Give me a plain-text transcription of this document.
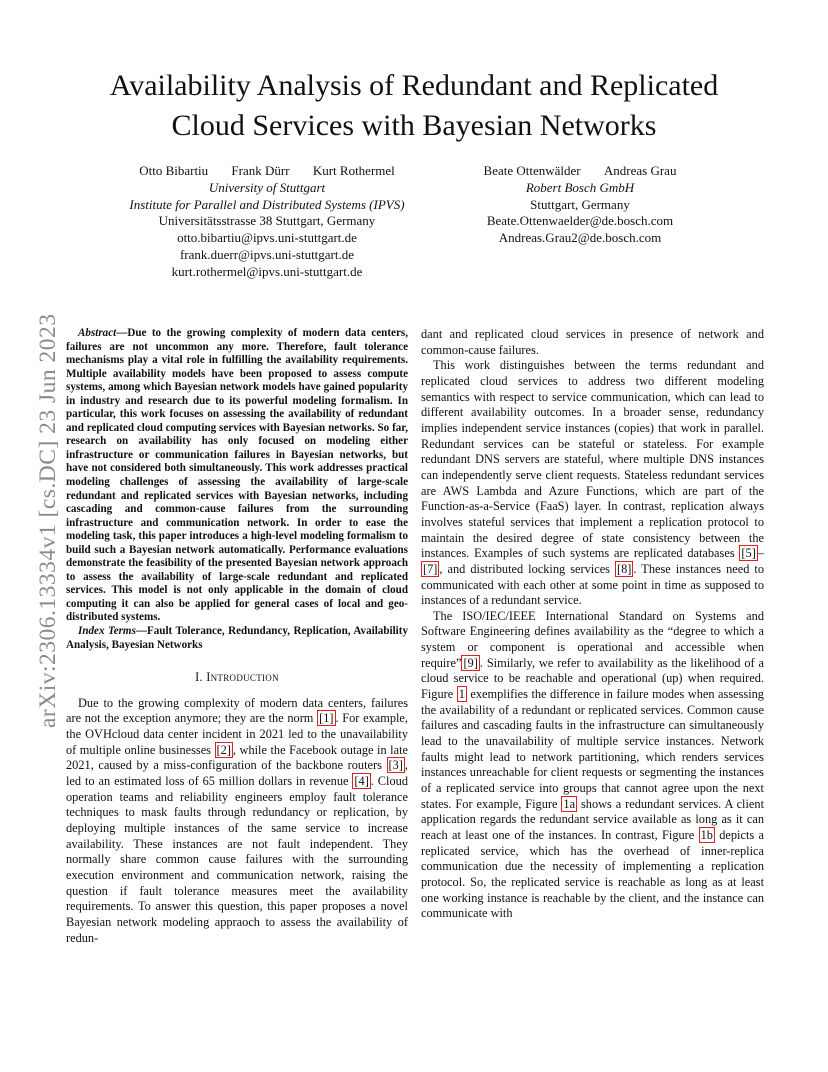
Availability Analysis of Redundant and Replicated
Cloud Services with Bayesian Networks
Otto Bibartiu Frank Dürr Kurt Rothermel
University of Stuttgart
Institute for Parallel and Distributed Systems (IPVS)
Universitätsstrasse 38 Stuttgart, Germany
otto.bibartiu@ipvs.uni-stuttgart.de
frank.duerr@ipvs.uni-stuttgart.de
kurt.rothermel@ipvs.uni-stuttgart.de
Beate Ottenwälder Andreas Grau
Robert Bosch GmbH
Stuttgart, Germany
Beate.Ottenwaelder@de.bosch.com
Andreas.Grau2@de.bosch.com
arXiv:2306.13334v1 [cs.DC] 23 Jun 2023	Abstract—Due to the growing complexity of modern data centers, failures are not uncommon any more. Therefore, fault tolerance mechanisms play a vital role in fulfilling the availability requirements. Multiple availability models have been proposed to assess compute systems, among which Bayesian network models have gained popularity in industry and research due to its powerful modeling formalism. In particular, this work focuses on assessing the availability of redundant and replicated cloud computing services with Bayesian networks. So far, research on availability has only focused on modeling either infrastructure or communication failures in Bayesian networks, but have not considered both simultaneously. This work addresses practical modeling challenges of assessing the availability of large-scale redundant and replicated services with Bayesian networks, including cascading and common-cause failures from the surrounding infrastructure and communication network. In order to ease the modeling task, this paper introduces a high-level modeling formalism to build such a Bayesian network automatically. Performance evaluations demonstrate the feasibility of the presented Bayesian network approach to assess the availability of large-scale redundant and replicated services. This model is not only applicable in the domain of cloud computing it can also be applied for general cases of local and geo-distributed systems.

Index Terms—Fault Tolerance, Redundancy, Replication, Availability Analysis, Bayesian Networks

I. Introduction

Due to the growing complexity of modern data centers, failures are not the exception anymore; they are the norm [1] . For example, the OVHcloud data center incident in 2021 led to the unavailability of multiple online businesses [2] , while the Facebook outage in late 2021, caused by a miss-configuration of the backbone routers [3] , led to an estimated loss of 65 million dollars in revenue [4] . Cloud operation teams and reliability engineers employ fault tolerance techniques to mask faults through redundancy or replication, by deploying multiple instances of the same service to increase availability. These instances are not fault independent. They normally share common cause failures with the surrounding execution environment and communication network, raising the question if fault tolerance measures meet the availability requirements. To answer this question, this paper proposes a novel Bayesian network modeling appraoch to assess the availability of redun-

dant and replicated cloud services in presence of network and common-cause failures.

This work distinguishes between the terms redundant and replicated cloud services to address two different modeling semantics with respect to service communication, which can lead to different availability outcomes. In a broader sense, redundancy implies independent service instances (copies) that work in parallel. Redundant services can be stateful or stateless. For example redundant DNS servers are stateful, where multiple DNS instances can independently serve client requests. Stateless redundant services are AWS Lambda and Azure Functions, which are part of the Function-as-a-Service (FaaS) layer. In contrast, replication always involves stateful services that implement a replication protocol to maintain the desired degree of state consistency between the instances. Examples of such systems are replicated databases [5] –[7] , and distributed locking services [8] . These instances need to communicated with each other at some point in time as supposed to instances of a redundant service.

The ISO/IEC/IEEE International Standard on Systems and Software Engineering defines availability as the “degree to which a system or component is operational and accessible when require” [9] . Similarly, we refer to availability as the likelihood of a cloud service to be reachable and operational (up) when required. Figure 1 exemplifies the difference in failure modes when assessing the availability of a redundant or replicated services. Common cause failures and cascading faults in the infrastructure can simultaneously lead to the unavailability of multiple service instances. Network faults might lead to network partitioning, which renders services instances unreachable for client requests or segmenting the instances of a replicated service into groups that cannot agree upon the next states. For example, Figure 1a shows a redundant services. A client application regards the redundant service available as long as it can reach at least one of the instances. In contrast, Figure 1b depicts a replicated service, which has the overhead of inner-replica communication due the necessity of implementing a replication protocol. So, the replicated service is reachable as long as at least one working instance is reachable by the client, and the instance can communicate with
